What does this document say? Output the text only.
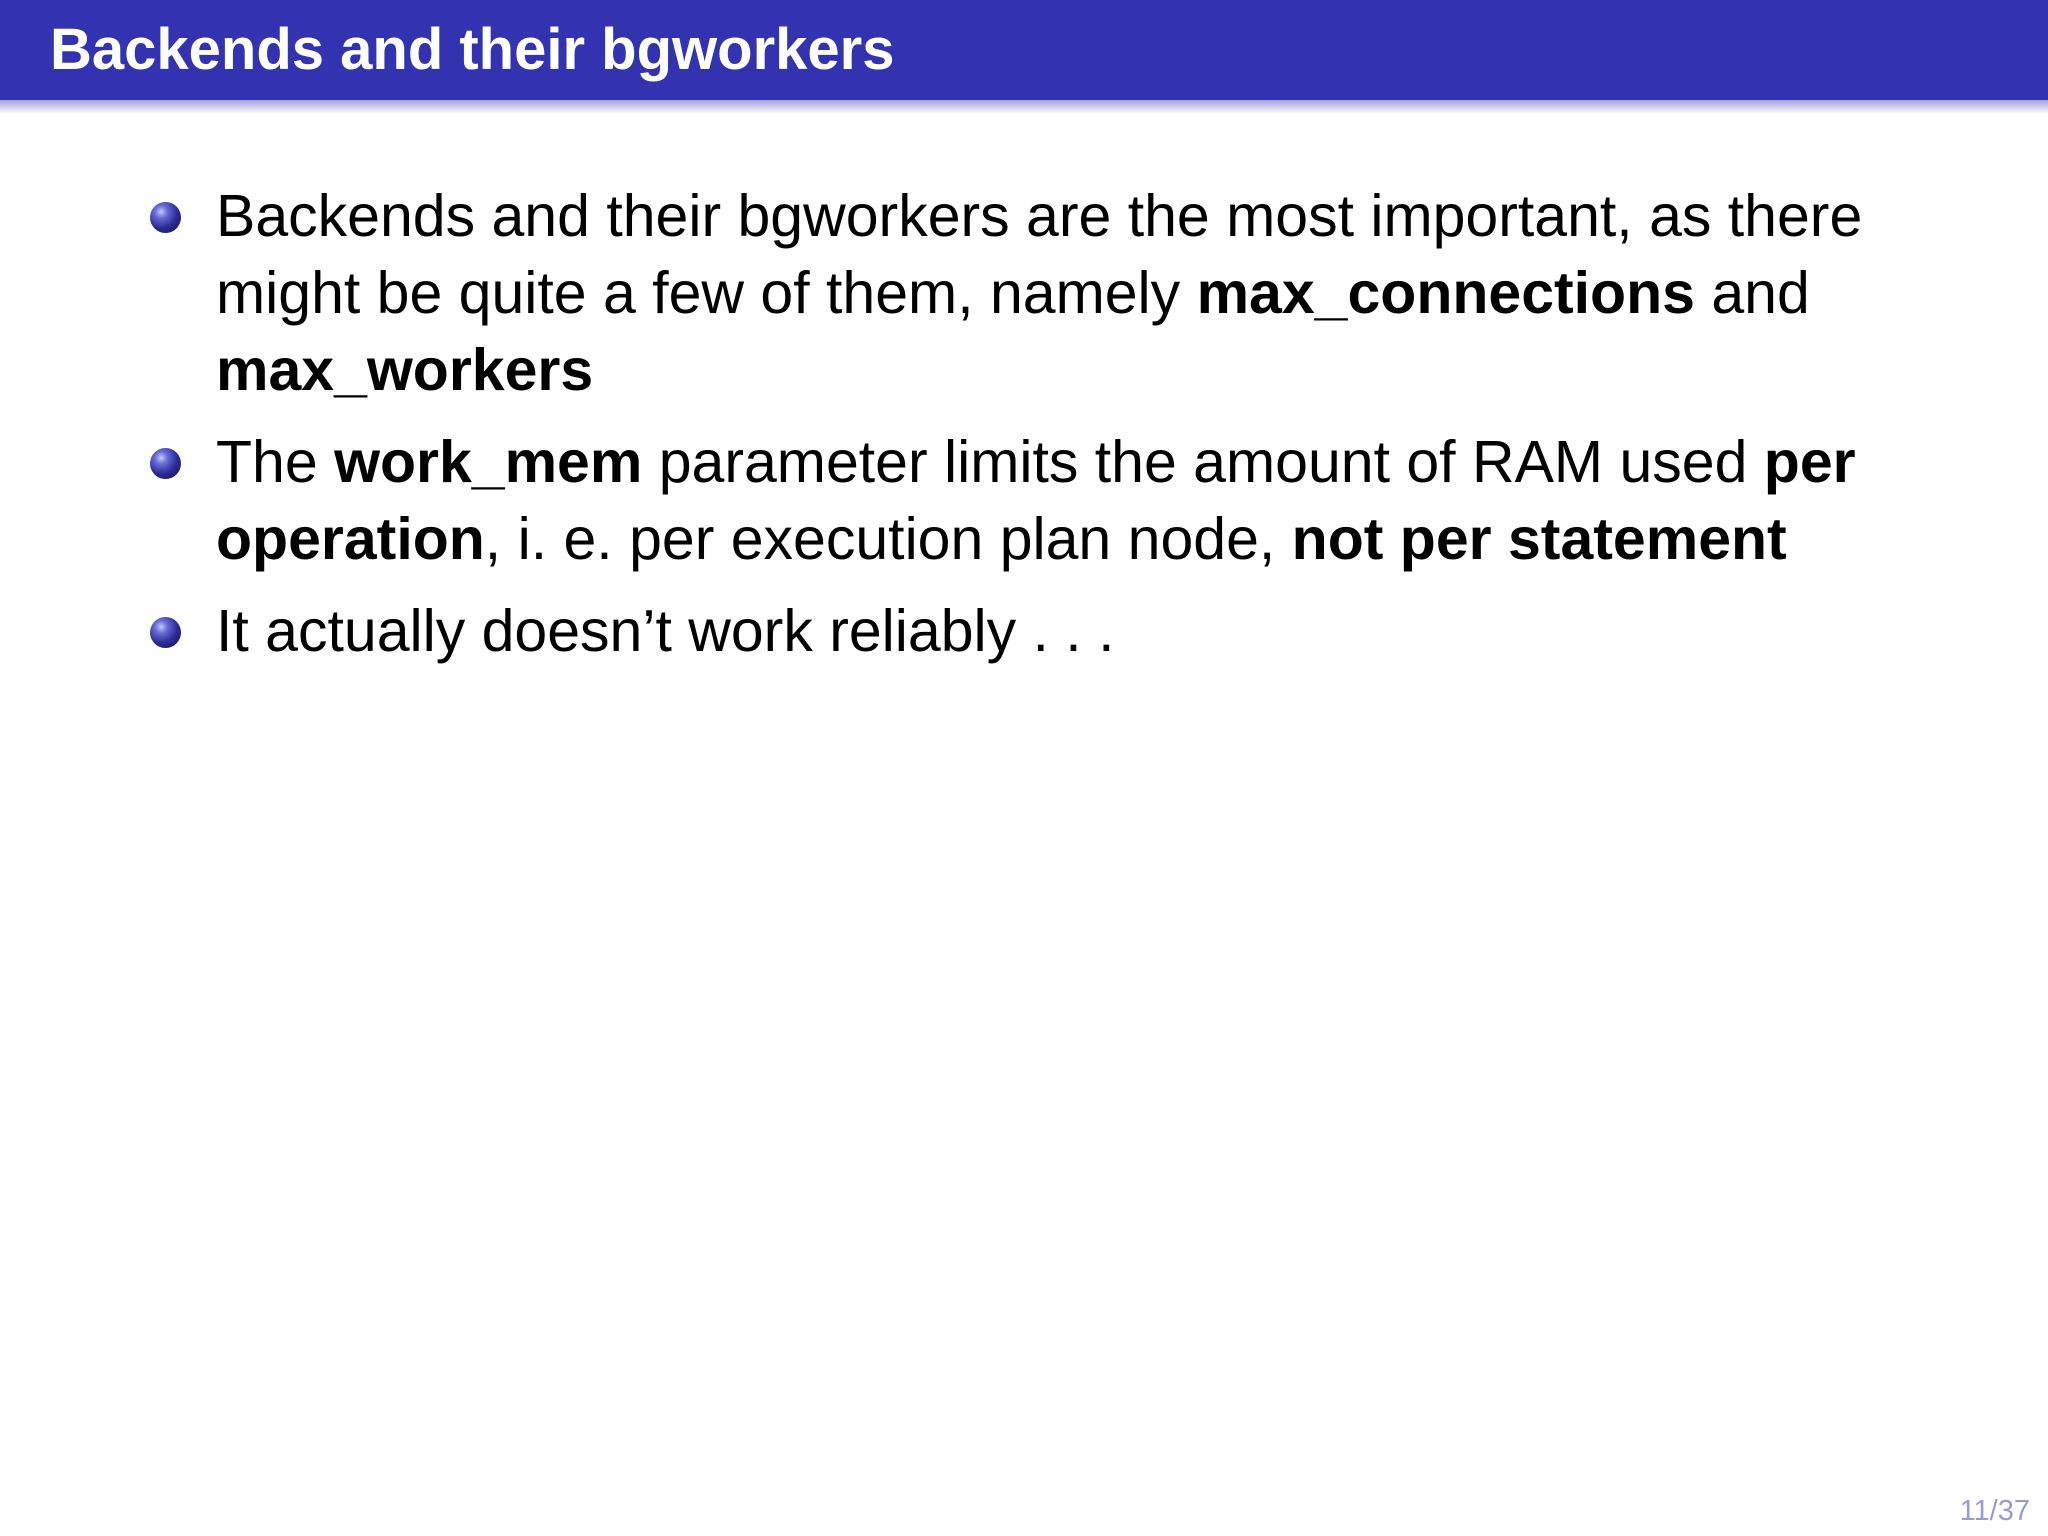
Backends and their bgworkers
Backends and their bgworkers are the most important, as there might be quite a few of them, namely max_connections and max_workers
The work_mem parameter limits the amount of RAM used per operation, i. e. per execution plan node, not per statement
It actually doesn’t work reliably . . .
11/37
